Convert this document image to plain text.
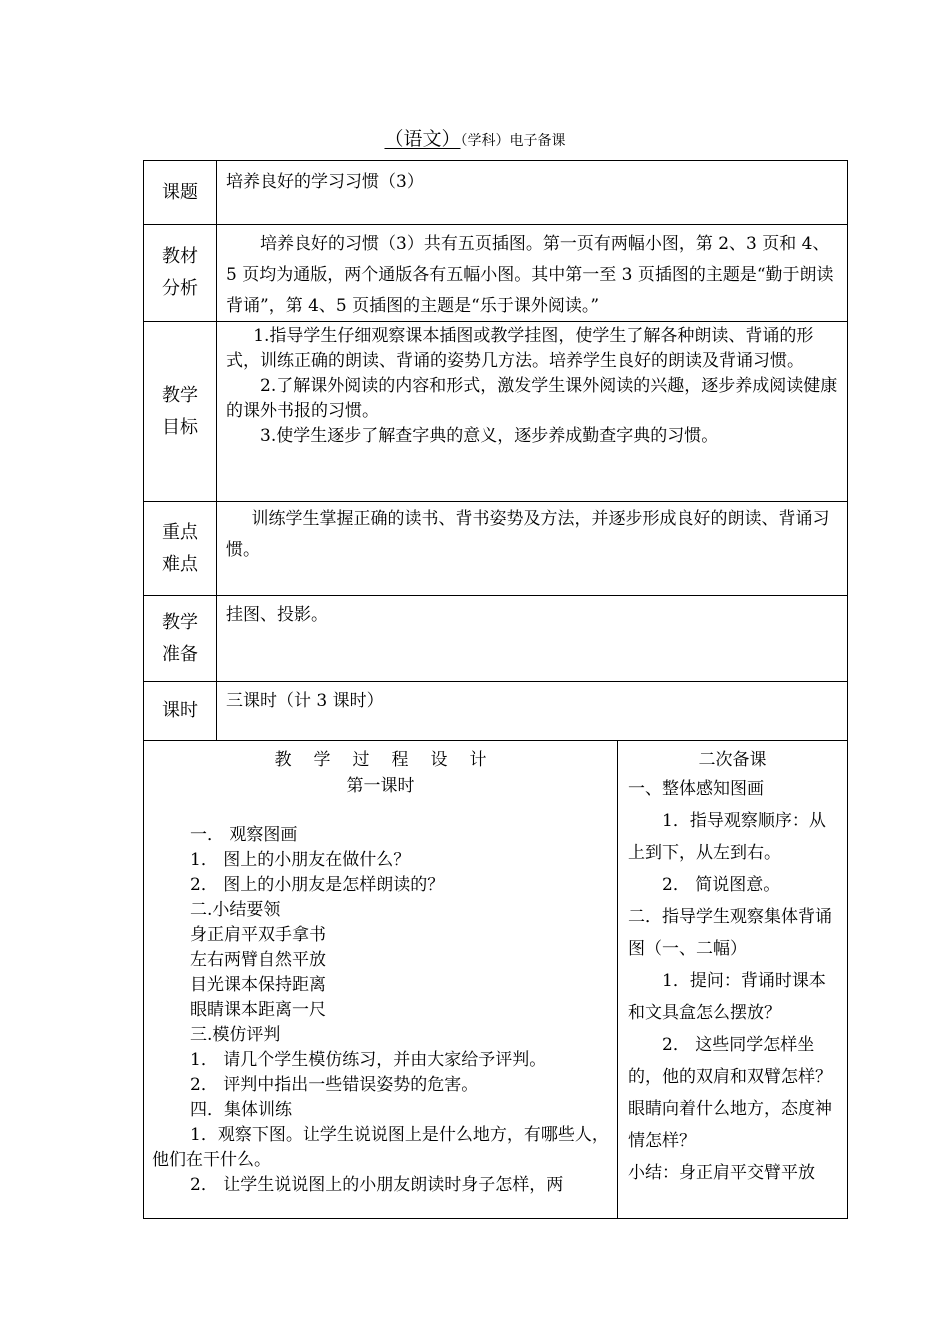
（语文）（学科）电子备课
课题 培养良好的学习习惯（3）
教材
分析
培养良好的习惯（3）共有五页插图。第一页有两幅小图，第 2、3 页和 4、5 页均为通版，两个通版各有五幅小图。其中第一至 3 页插图的主题是“勤于朗读背诵”，第 4、5 页插图的主题是“乐于课外阅读。”
教学
目标

1.指导学生仔细观察课本插图或教学挂图，使学生了解各种朗读、背诵的形式，训练正确的朗读、背诵的姿势几方法。培养学生良好的朗读及背诵习惯。

2.了解课外阅读的内容和形式，激发学生课外阅读的兴趣，逐步养成阅读健康的课外书报的习惯。

3.使学生逐步了解查字典的意义，逐步养成勤查字典的习惯。

重点
难点
训练学生掌握正确的读书、背书姿势及方法，并逐步形成良好的朗读、背诵习惯。
教学
准备
挂图、投影。
课时 三课时（计 3 课时）
教学过程设计
第一课时

一． 观察图画

1． 图上的小朋友在做什么？

2． 图上的小朋友是怎样朗读的？

二.小结要领

身正肩平双手拿书

左右两臂自然平放

目光课本保持距离

眼睛课本距离一尺

三.模仿评判

1． 请几个学生模仿练习，并由大家给予评判。

2． 评判中指出一些错误姿势的危害。

四．集体训练

1．观察下图。让学生说说图上是什么地方，有哪些人，他们在干什么。

2． 让学生说说图上的小朋友朗读时身子怎样，两

二次备课

一、整体感知图画

1．指导观察顺序：从上到下，从左到右。

2． 简说图意。

二．指导学生观察集体背诵图（一、二幅）

1．提问：背诵时课本和文具盒怎么摆放？

2． 这些同学怎样坐的，他的双肩和双臂怎样？眼睛向着什么地方，态度神情怎样？

小结：身正肩平交臂平放
